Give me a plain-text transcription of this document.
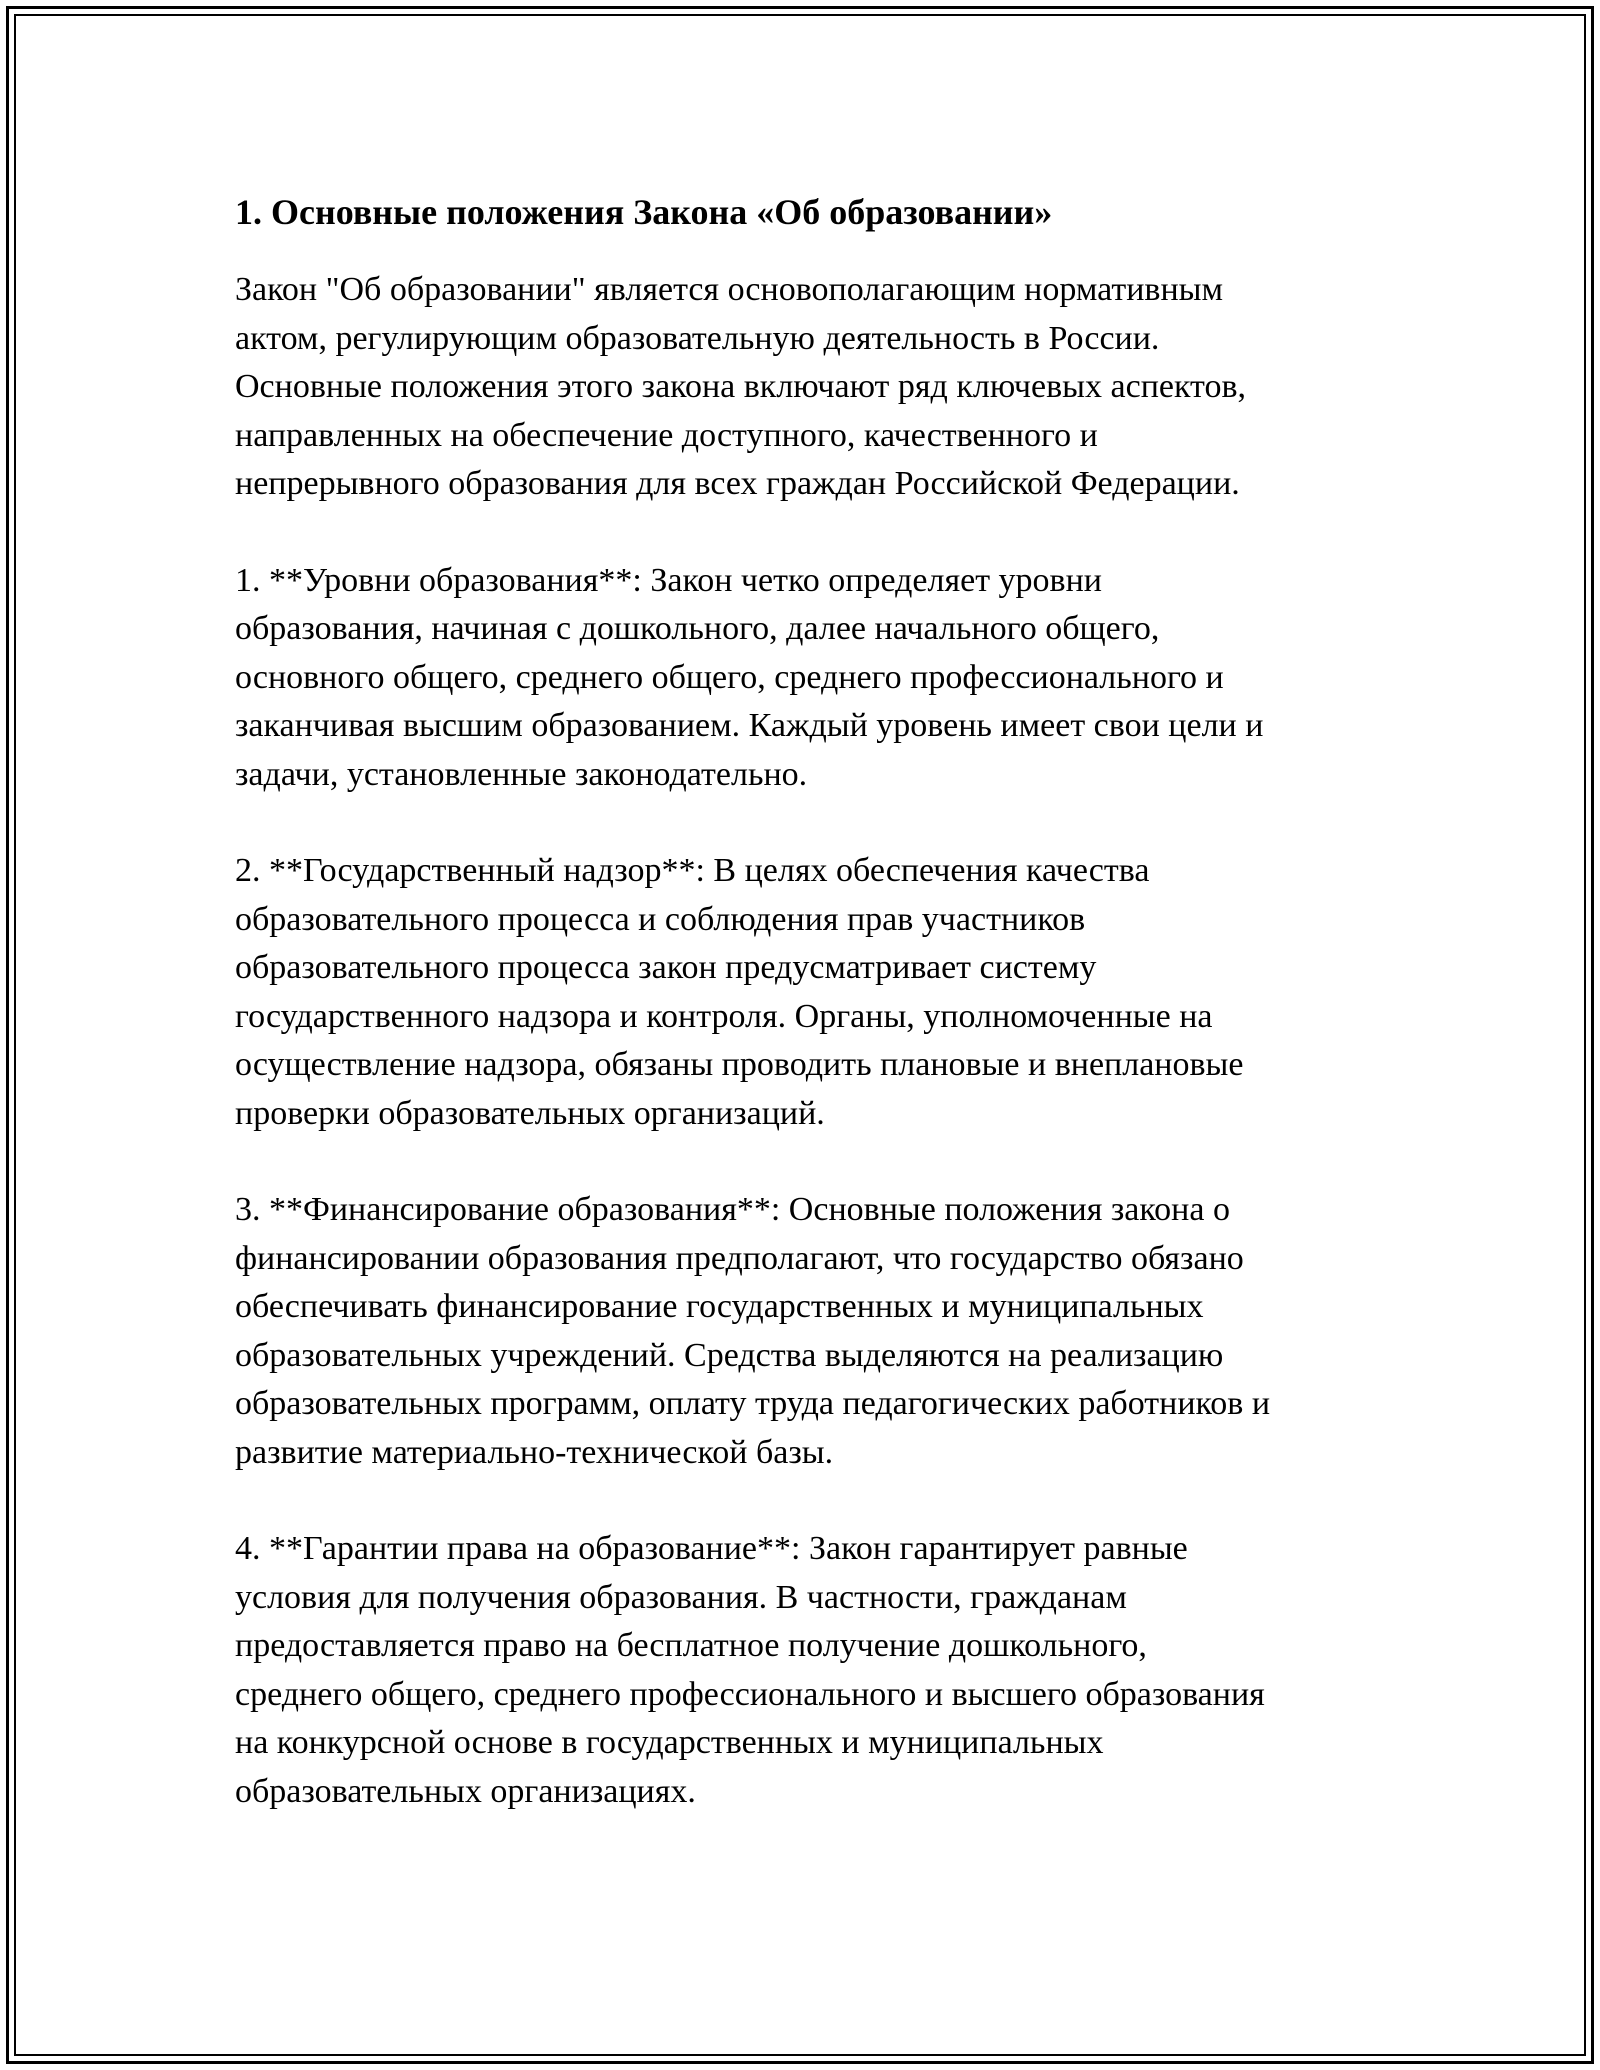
1. Основные положения Закона «Об образовании»

Закон "Об образовании" является основополагающим нормативным
актом, регулирующим образовательную деятельность в России.
Основные положения этого закона включают ряд ключевых аспектов,
направленных на обеспечение доступного, качественного и
непрерывного образования для всех граждан Российской Федерации.

1. **Уровни образования**: Закон четко определяет уровни
образования, начиная с дошкольного, далее начального общего,
основного общего, среднего общего, среднего профессионального и
заканчивая высшим образованием. Каждый уровень имеет свои цели и
задачи, установленные законодательно.

2. **Государственный надзор**: В целях обеспечения качества
образовательного процесса и соблюдения прав участников
образовательного процесса закон предусматривает систему
государственного надзора и контроля. Органы, уполномоченные на
осуществление надзора, обязаны проводить плановые и внеплановые
проверки образовательных организаций.

3. **Финансирование образования**: Основные положения закона о
финансировании образования предполагают, что государство обязано
обеспечивать финансирование государственных и муниципальных
образовательных учреждений. Средства выделяются на реализацию
образовательных программ, оплату труда педагогических работников и
развитие материально-технической базы.

4. **Гарантии права на образование**: Закон гарантирует равные
условия для получения образования. В частности, гражданам
предоставляется право на бесплатное получение дошкольного,
среднего общего, среднего профессионального и высшего образования
на конкурсной основе в государственных и муниципальных
образовательных организациях.
